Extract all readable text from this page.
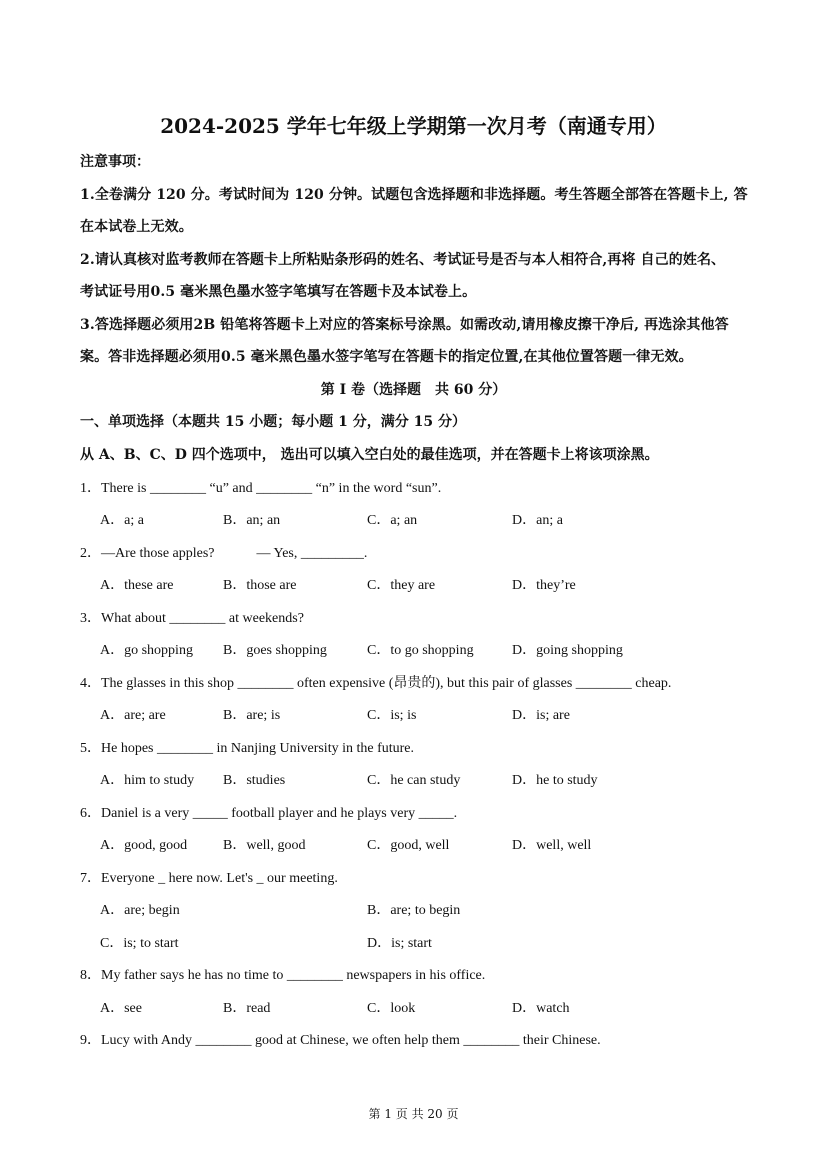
2024-2025 学年七年级上学期第一次月考（南通专用）
注意事项：
1.全卷满分 120 分。考试时间为 120 分钟。试题包含选择题和非选择题。考生答题全部答在答题卡上, 答
在本试卷上无效。
2.请认真核对监考教师在答题卡上所粘贴条形码的姓名、考试证号是否与本人相符合,再将 自己的姓名、
考试证号用0.5 毫米黑色墨水签字笔填写在答题卡及本试卷上。
3.答选择题必须用2B 铅笔将答题卡上对应的答案标号涂黑。如需改动,请用橡皮擦干净后, 再选涂其他答
案。答非选择题必须用0.5 毫米黑色墨水签字笔写在答题卡的指定位置,在其他位置答题一律无效。
第 I 卷（选择题　共 60 分）
一、单项选择（本题共 15 小题；每小题 1 分，满分 15 分）
从 A、B、C、D 四个选项中， 选出可以填入空白处的最佳选项，并在答题卡上将该项涂黑。
1．There is ________ “u” and ________ “n” in the word “sun”.
A．a; a	B．an; an	C．a; an	D．an; a
2．—Are those apples?　　　— Yes, _________.
A．these are	B．those are	C．they are	D．they’re
3．What about ________ at weekends?
A．go shopping B．goes shopping	C．to go shopping	D．going shopping
4．The glasses in this shop ________ often expensive (昂贵的), but this pair of glasses ________ cheap.
A．are; are	B．are; is	C．is; is	D．is; are
5．He hopes ________ in Nanjing University in the future.
A．him to study B．studies	C．he can study	D．he to study
6．Daniel is a very _____ football player and he plays very _____.
A．good, good	B．well, good	C．good, well	D．well, well
7．Everyone _ here now. Let's _ our meeting.
A．are; begin	B．are; to begin
C．is; to start	D．is; start
8．My father says he has no time to ________ newspapers in his office.
A．see	B．read	C．look	D．watch
9．Lucy with Andy ________ good at Chinese, we often help them ________ their Chinese.
第 1 页 共 20 页
